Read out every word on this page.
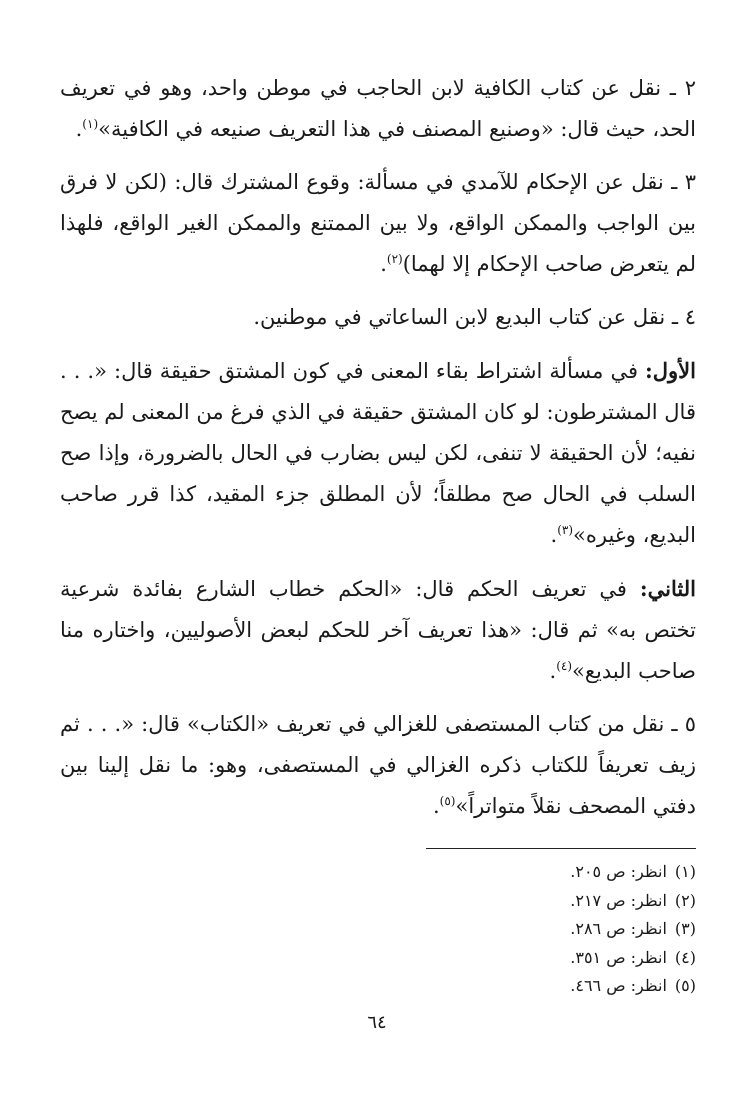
٢ ـ نقل عن كتاب الكافية لابن الحاجب في موطن واحد، وهو في تعريف الحد، حيث قال: «وصنيع المصنف في هذا التعريف صنيعه في الكافية»$^{(١)}$.

٣ ـ نقل عن الإحكام للآمدي في مسألة: وقوع المشترك قال: (لكن لا فرق بين الواجب والممكن الواقع، ولا بين الممتنع والممكن الغير الواقع، فلهذا لم يتعرض صاحب الإحكام إلا لهما)$^{(٢)}$.

٤ ـ نقل عن كتاب البديع لابن الساعاتي في موطنين.

الأول: في مسألة اشتراط بقاء المعنى في كون المشتق حقيقة قال: «. . . قال المشترطون: لو كان المشتق حقيقة في الذي فرغ من المعنى لم يصح نفيه؛ لأن الحقيقة لا تنفى، لكن ليس بضارب في الحال بالضرورة، وإذا صح السلب في الحال صح مطلقاً؛ لأن المطلق جزء المقيد، كذا قرر صاحب البديع، وغيره»$^{(٣)}$.

الثاني: في تعريف الحكم قال: «الحكم خطاب الشارع بفائدة شرعية تختص به» ثم قال: «هذا تعريف آخر للحكم لبعض الأصوليين، واختاره منا صاحب البديع»$^{(٤)}$.

٥ ـ نقل من كتاب المستصفى للغزالي في تعريف «الكتاب» قال: «. . . ثم زيف تعريفاً للكتاب ذكره الغزالي في المستصفى، وهو: ما نقل إلينا بين دفتي المصحف نقلاً متواتراً»$^{(٥)}$.

(١)انظر: ص ٢٠٥.
(٢)انظر: ص ٢١٧.
(٣)انظر: ص ٢٨٦.
(٤)انظر: ص ٣٥١.
(٥)انظر: ص ٤٦٦.
٦٤
